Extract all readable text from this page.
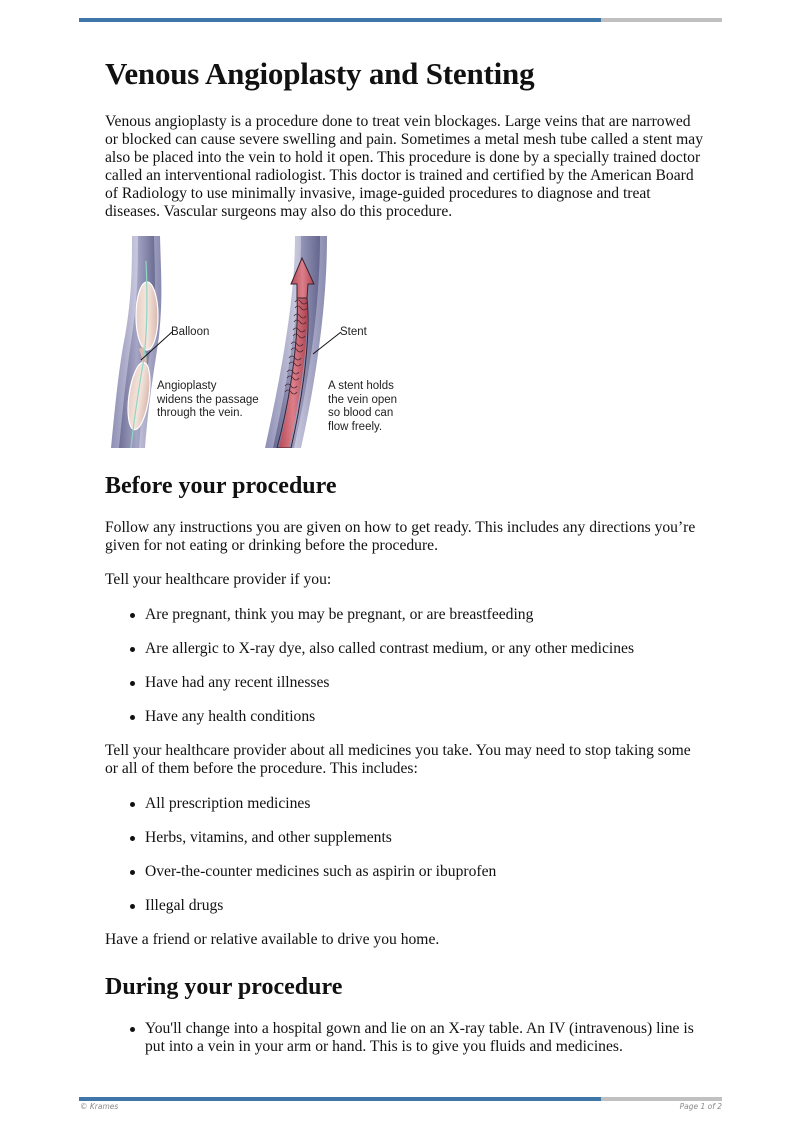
Venous Angioplasty and Stenting

Venous angioplasty is a procedure done to treat vein blockages. Large veins that are narrowed or blocked can cause severe swelling and pain. Sometimes a metal mesh tube called a stent may also be placed into the vein to hold it open. This procedure is done by a specially trained doctor called an interventional radiologist. This doctor is trained and certified by the American Board of Radiology to use minimally invasive, image-guided procedures to diagnose and treat diseases. Vascular surgeons may also do this procedure.

Balloon
Angioplasty
widens the passage
through the vein.
Stent
A stent holds
the vein open
so blood can
flow freely.
Before your procedure

Follow any instructions you are given on how to get ready. This includes any directions you’re given for not eating or drinking before the procedure.

Tell your healthcare provider if you:

Are pregnant, think you may be pregnant, or are breastfeeding
Are allergic to X-ray dye, also called contrast medium, or any other medicines
Have had any recent illnesses
Have any health conditions

Tell your healthcare provider about all medicines you take. You may need to stop taking some or all of them before the procedure. This includes:

All prescription medicines
Herbs, vitamins, and other supplements
Over-the-counter medicines such as aspirin or ibuprofen
Illegal drugs

Have a friend or relative available to drive you home.

During your procedure
You'll change into a hospital gown and lie on an X-ray table. An IV (intravenous) line is put into a vein in your arm or hand. This is to give you fluids and medicines.
© Krames	Page 1 of 2
